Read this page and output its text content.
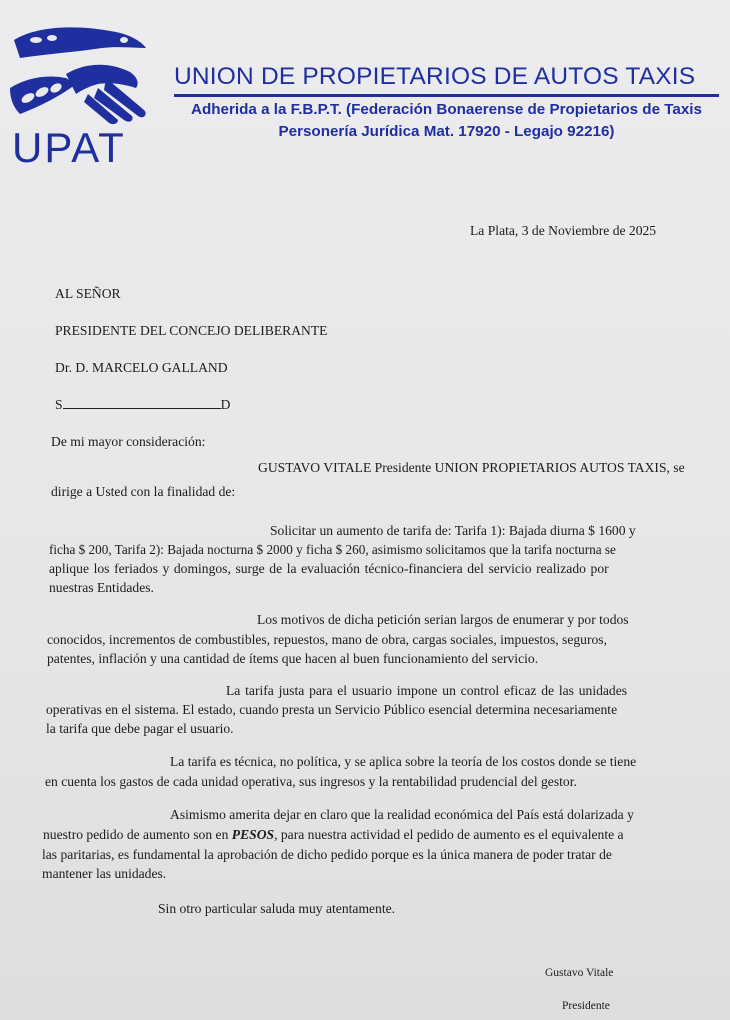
UPAT
UNION DE PROPIETARIOS DE AUTOS TAXIS
Adherida a la F.B.P.T. (Federación Bonaerense de Propietarios de Taxis
Personería Jurídica Mat. 17920 - Legajo 92216)
La Plata, 3 de Noviembre de 2025
AL SEÑOR
PRESIDENTE DEL CONCEJO DELIBERANTE
Dr. D. MARCELO GALLAND
S	D
De mi mayor consideración:
GUSTAVO VITALE Presidente UNION PROPIETARIOS AUTOS TAXIS, se
dirige a Usted con la finalidad de:
Solicitar un aumento de tarifa de: Tarifa 1): Bajada diurna $ 1600 y
ficha $ 200, Tarifa 2): Bajada nocturna $ 2000 y ficha $ 260, asimismo solicitamos que la tarifa nocturna se
aplique los feriados y domingos, surge de la evaluación técnico-financiera del servicio realizado por
nuestras Entidades.
Los motivos de dicha petición serian largos de enumerar y por todos
conocidos, incrementos de combustibles, repuestos, mano de obra, cargas sociales, impuestos, seguros,
patentes, inflación y una cantidad de ítems que hacen al buen funcionamiento del servicio.
La tarifa justa para el usuario impone un control eficaz de las unidades
operativas en el sistema. El estado, cuando presta un Servicio Público esencial determina necesariamente
la tarifa que debe pagar el usuario.
La tarifa es técnica, no política, y se aplica sobre la teoría de los costos donde se tiene
en cuenta los gastos de cada unidad operativa, sus ingresos y la rentabilidad prudencial del gestor.
Asimismo amerita dejar en claro que la realidad económica del País está dolarizada y
nuestro pedido de aumento son en PESOS, para nuestra actividad el pedido de aumento es el equivalente a
las paritarias, es fundamental la aprobación de dicho pedido porque es la única manera de poder tratar de
mantener las unidades.
Sin otro particular saluda muy atentamente.
Gustavo Vitale
Presidente
